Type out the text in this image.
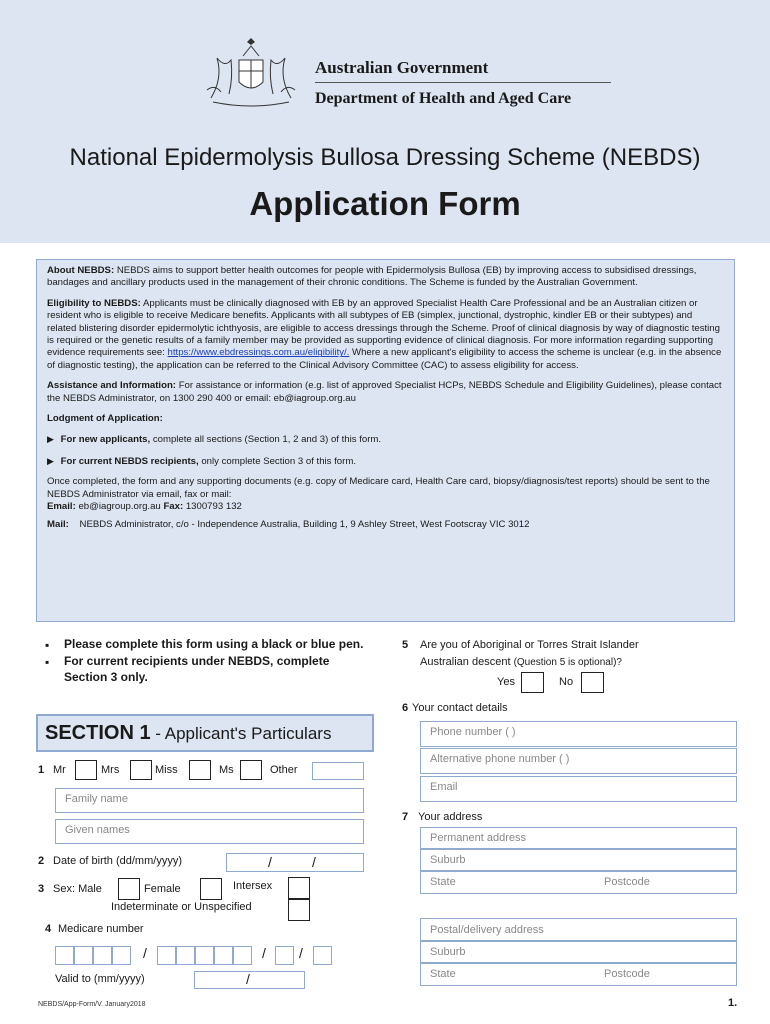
Australian Government
Department of Health and Aged Care
National Epidermolysis Bullosa Dressing Scheme (NEBDS)
Application Form

About NEBDS: NEBDS aims to support better health outcomes for people with Epidermolysis Bullosa (EB) by improving access to subsidised dressings, bandages and ancillary products used in the management of their chronic conditions. The Scheme is funded by the Australian Government.

Eligibility to NEBDS: Applicants must be clinically diagnosed with EB by an approved Specialist Health Care Professional and be an Australian citizen or resident who is eligible to receive Medicare benefits. Applicants with all subtypes of EB (simplex, junctional, dystrophic, kindler EB or their subtypes) and related blistering disorder epidermolytic ichthyosis, are eligible to access dressings through the Scheme. Proof of clinical diagnosis by way of diagnostic testing is required or the genetic results of a family member may be provided as supporting evidence of clinical diagnosis. For more information regarding supporting evidence requirements see: https://www.ebdressings.com.au/eligibility/. Where a new applicant's eligibility to access the scheme is unclear (e.g. in the absence of diagnostic testing), the application can be referred to the Clinical Advisory Committee (CAC) to assess eligibility for access.

Assistance and Information: For assistance or information (e.g. list of approved Specialist HCPs, NEBDS Schedule and Eligibility Guidelines), please contact the NEBDS Administrator, on 1300 290 400 or email: eb@iagroup.org.au

Lodgment of Application:

▶ For new applicants, complete all sections (Section 1, 2 and 3) of this form.

▶ For current NEBDS recipients, only complete Section 3 of this form.

Once completed, the form and any supporting documents (e.g. copy of Medicare card, Health Care card, biopsy/diagnosis/test reports) should be sent to the NEBDS Administrator via email, fax or mail:
Email: eb@iagroup.org.au Fax: 1300793 132

Mail: NEBDS Administrator, c/o - Independence Australia, Building 1, 9 Ashley Street, West Footscray VIC 3012

▪ Please complete this form using a black or blue pen.
▪ For current recipients under NEBDS, complete Section 3 only.
SECTION 1 - Applicant's Particulars
1 Mr	Mrs	Miss	Ms	Other
Family name
Given names
2 Date of birth (dd/mm/yyyy)	/	/
3 Sex: Male	Female	Intersex
Indeterminate or Unspecified
4 Medicare number
/	/ /
Valid to (mm/yyyy)	/
5 Are you of Aboriginal or Torres Strait Islander
Australian descent (Question 5 is optional)?
Yes	No
6 Your contact details
Phone number ( )
Alternative phone number ( )
Email
7 Your address
Permanent address
Suburb
State	Postcode
Postal/delivery address
Suburb
State	Postcode
NEBDS/App-Form/V. January2018	1.
